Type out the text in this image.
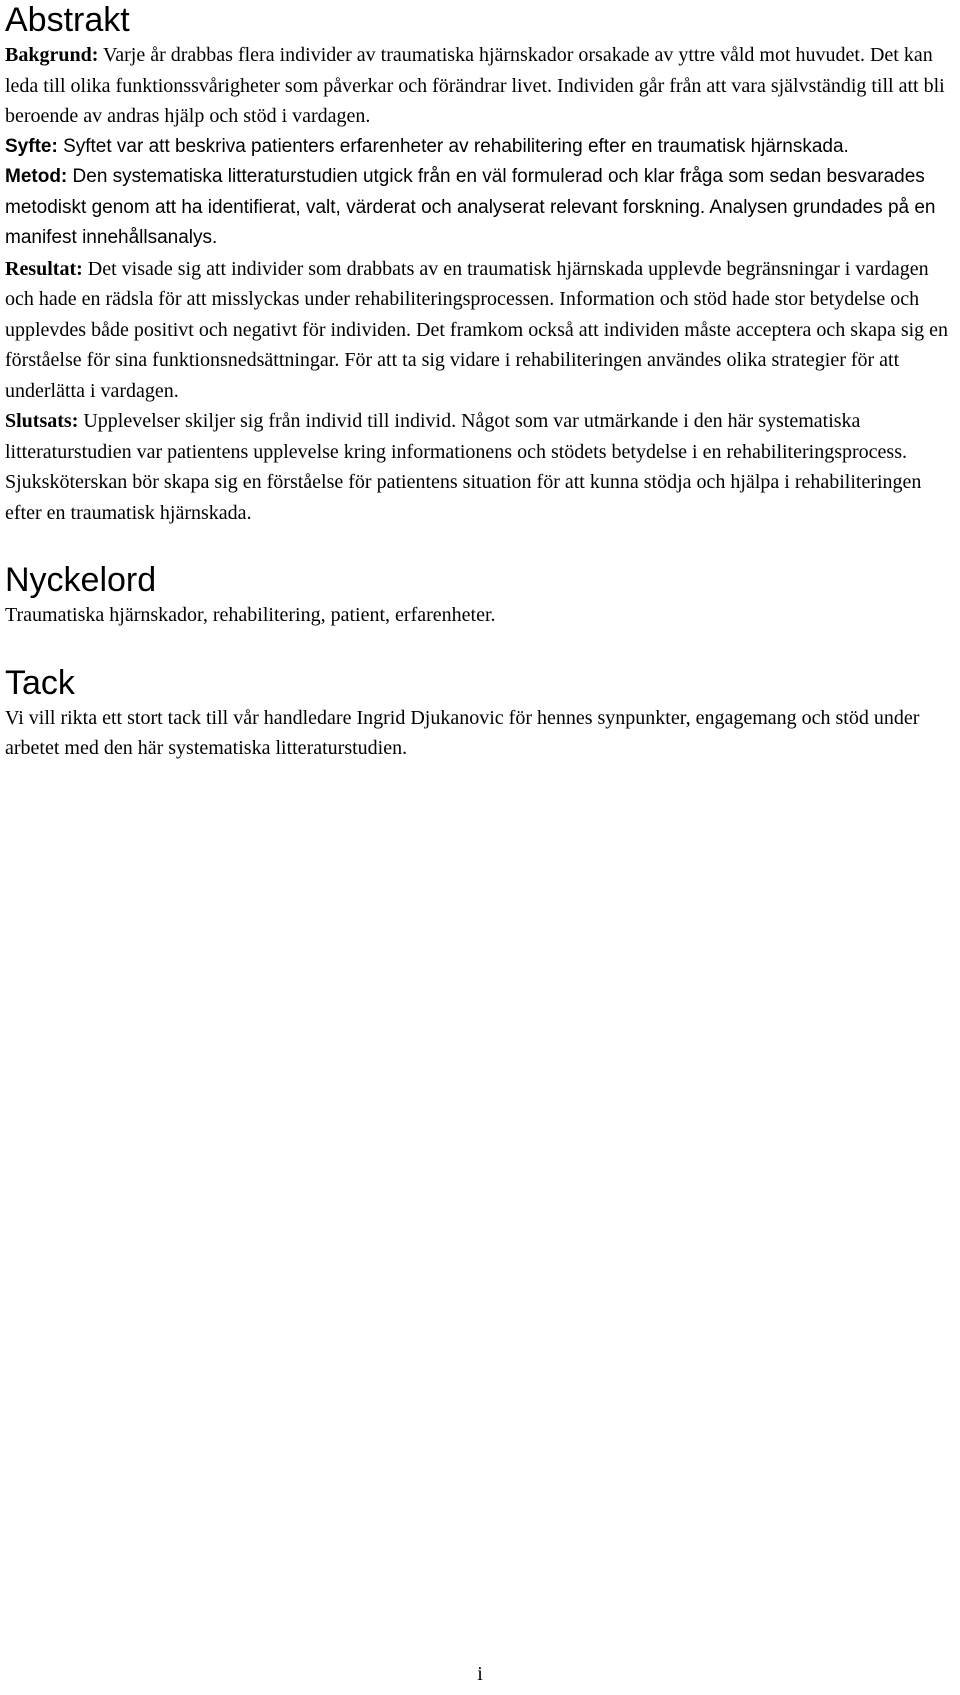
Abstrakt

Bakgrund: Varje år drabbas flera individer av traumatiska hjärnskador orsakade av yttre våld mot huvudet. Det kan leda till olika funktionssvårigheter som påverkar och förändrar livet. Individen går från att vara självständig till att bli beroende av andras hjälp och stöd i vardagen.

Syfte: Syftet var att beskriva patienters erfarenheter av rehabilitering efter en traumatisk hjärnskada.

Metod: Den systematiska litteraturstudien utgick från en väl formulerad och klar fråga som sedan besvarades metodiskt genom att ha identifierat, valt, värderat och analyserat relevant forskning. Analysen grundades på en manifest innehållsanalys.

Resultat: Det visade sig att individer som drabbats av en traumatisk hjärnskada upplevde begränsningar i vardagen och hade en rädsla för att misslyckas under rehabiliteringsprocessen. Information och stöd hade stor betydelse och upplevdes både positivt och negativt för individen. Det framkom också att individen måste acceptera och skapa sig en förståelse för sina funktionsnedsättningar. För att ta sig vidare i rehabiliteringen användes olika strategier för att underlätta i vardagen.

Slutsats: Upplevelser skiljer sig från individ till individ. Något som var utmärkande i den här systematiska litteraturstudien var patientens upplevelse kring informationens och stödets betydelse i en rehabiliteringsprocess. Sjuksköterskan bör skapa sig en förståelse för patientens situation för att kunna stödja och hjälpa i rehabiliteringen efter en traumatisk hjärnskada.

Nyckelord

Traumatiska hjärnskador, rehabilitering, patient, erfarenheter.

Tack

Vi vill rikta ett stort tack till vår handledare Ingrid Djukanovic för hennes synpunkter, engagemang och stöd under arbetet med den här systematiska litteraturstudien.

i
